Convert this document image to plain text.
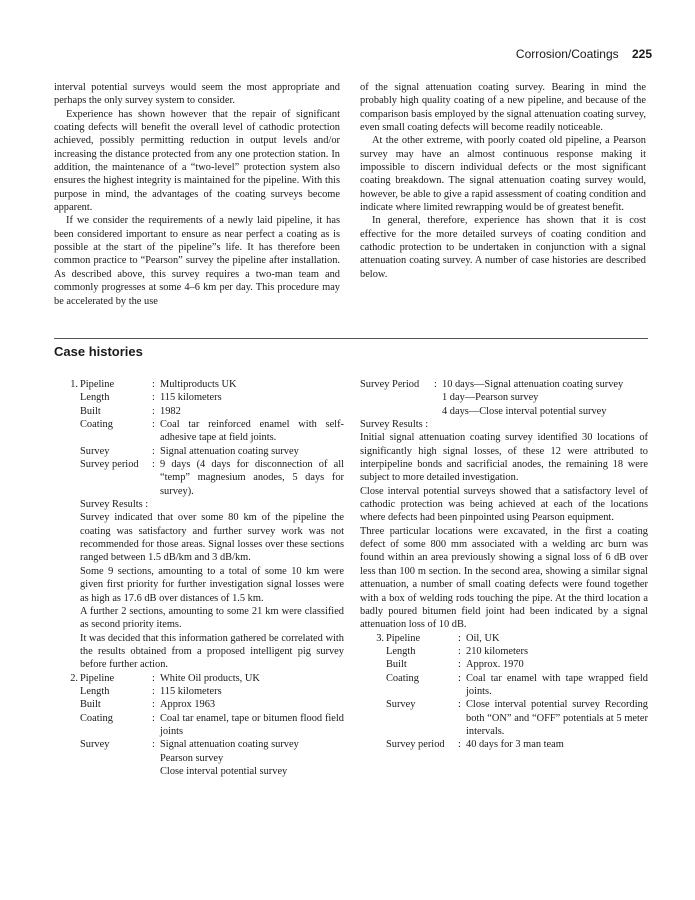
Corrosion/Coatings 225

interval potential surveys would seem the most appropriate and perhaps the only survey system to consider.

Experience has shown however that the repair of significant coating defects will benefit the overall level of cathodic protection achieved, possibly permitting reduction in output levels and/or increasing the distance protected from any one protection station. In addition, the maintenance of a “two-level” protection system also ensures the highest integrity is maintained for the pipeline. With this purpose in mind, the advantages of the coating surveys become apparent.

If we consider the requirements of a newly laid pipeline, it has been considered important to ensure as near perfect a coating as is possible at the start of the pipeline”s life. It has therefore been common practice to “Pearson” survey the pipeline after installation. As described above, this survey requires a two-man team and commonly progresses at some 4–6 km per day. This procedure may be accelerated by the use

of the signal attenuation coating survey. Bearing in mind the probably high quality coating of a new pipeline, and because of the comparison basis employed by the signal attenuation coating survey, even small coating defects will become readily noticeable.

At the other extreme, with poorly coated old pipeline, a Pearson survey may have an almost continuous response making it impossible to discern individual defects or the most significant coating breakdown. The signal attenuation coating survey would, however, be able to give a rapid assessment of coating condition and indicate where limited rewrapping would be of greatest benefit.

In general, therefore, experience has shown that it is cost effective for the more detailed surveys of coating condition and cathodic protection to be undertaken in conjunction with a signal attenuation coating survey. A number of case histories are described below.

Case histories
1. Pipeline	: Multiproducts UK
Length	: 115 kilometers
Built	: 1982
Coating	: Coal tar reinforced enamel with self-adhesive tape at field joints.
Survey	: Signal attenuation coating survey
Survey period	: 9 days (4 days for disconnection of all “temp” magnesium anodes, 5 days for survey).
Survey Results :
Survey indicated that over some 80 km of the pipeline the coating was satisfactory and further survey work was not recommended for those areas. Signal losses over these sections ranged between 1.5 dB/km and 3 dB/km.
Some 9 sections, amounting to a total of some 10 km were given first priority for further investigation signal losses were as high as 17.6 dB over distances of 1.5 km.
A further 2 sections, amounting to some 21 km were classified as second priority items.
It was decided that this information gathered be correlated with the results obtained from a proposed intelligent pig survey before further action.
2. Pipeline	: White Oil products, UK
Length	: 115 kilometers
Built	: Approx 1963
Coating	: Coal tar enamel, tape or bitumen flood field joints
Survey	: Signal attenuation coating survey
Pearson survey
Close interval potential survey
Survey Period	: 10 days—Signal attenuation coating survey
1 day—Pearson survey
4 days—Close interval potential survey
Survey Results :
Initial signal attenuation coating survey identified 30 locations of significantly high signal losses, of these 12 were attributed to interpipeline bonds and sacrificial anodes, the remaining 18 were subject to more detailed investigation.
Close interval potential surveys showed that a satisfactory level of cathodic protection was being achieved at each of the locations where defects had been pinpointed using Pearson equipment.
Three particular locations were excavated, in the first a coating defect of some 800 mm associated with a welding arc burn was found within an area previously showing a signal loss of 6 dB over less than 100 m section. In the second area, showing a similar signal attenuation, a number of small coating defects were found together with a box of welding rods touching the pipe. At the third location a badly poured bitumen field joint had been indicated by a signal attenuation loss of 10 dB.
3. Pipeline	: Oil, UK
Length	: 210 kilometers
Built	: Approx. 1970
Coating	: Coal tar enamel with tape wrapped field joints.
Survey	: Close interval potential survey Recording both “ON” and “OFF” potentials at 5 meter intervals.
Survey period	: 40 days for 3 man team
